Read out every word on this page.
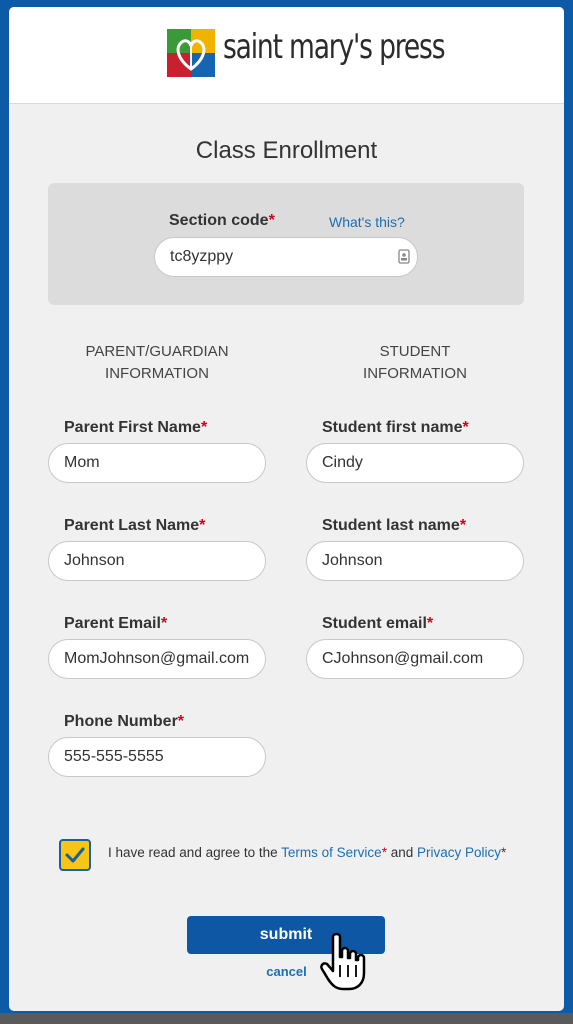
saint mary's press
Class Enrollment
Section code*	What's this?
tc8yzppy
PARENT/GUARDIAN
INFORMATION
STUDENT
INFORMATION
Parent First Name*
Mom
Parent Last Name*
Johnson
Parent Email*
MomJohnson@gmail.com
Phone Number*
555-555-5555
Student first name*
Cindy
Student last name*
Johnson
Student email*
CJohnson@gmail.com
I have read and agree to the Terms of Service* and Privacy Policy*
submit
cancel
